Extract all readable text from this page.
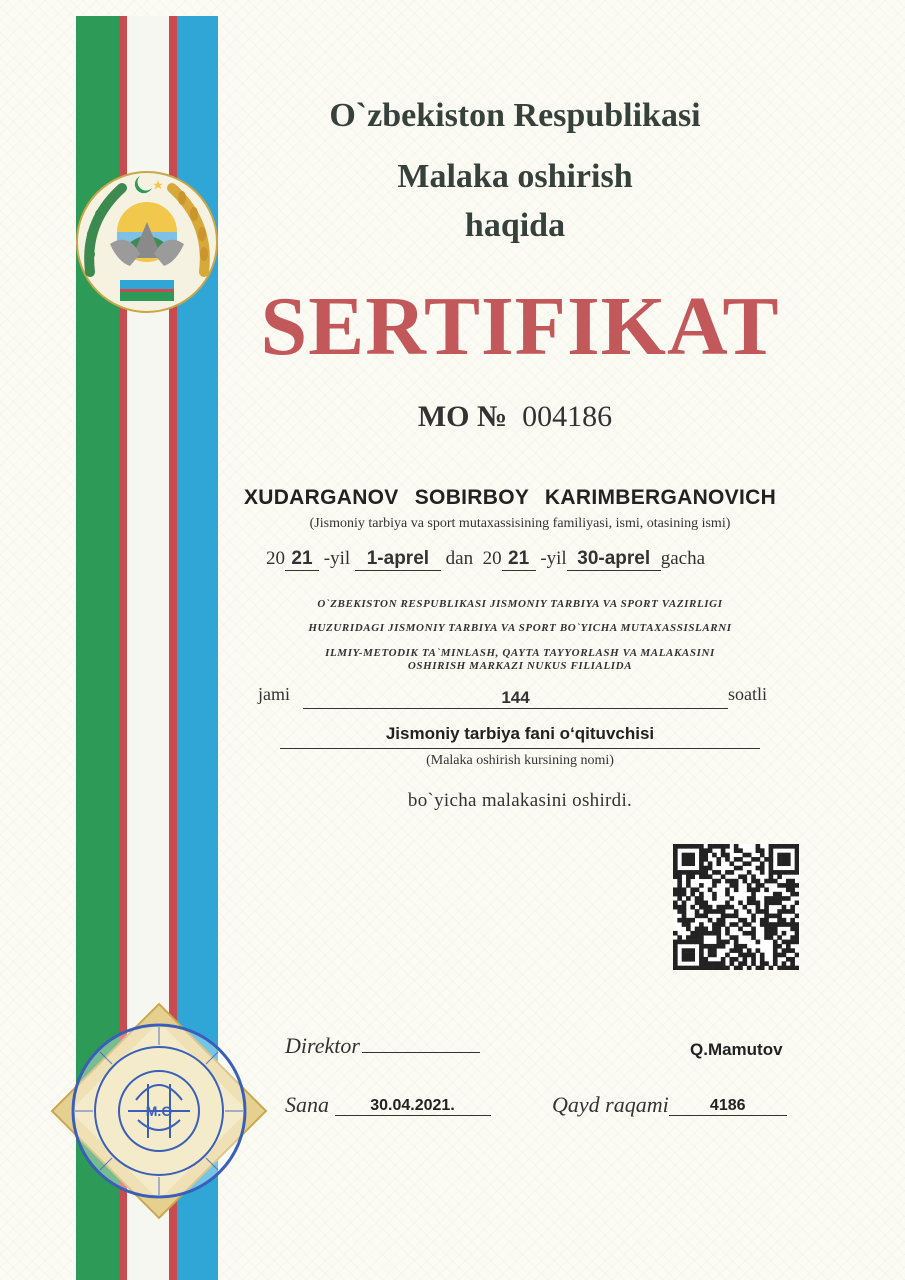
O`zbekiston Respublikasi
Malaka oshirish
haqida
SERTIFIKAT
MO № 004186
XUDARGANOV SOBIRBOY KARIMBERGANOVICH
(Jismoniy tarbiya va sport mutaxassisining familiyasi, ismi, otasining ismi)
20 21 -yil 1-aprel dan 20 21 -yil 30-aprel gacha
O`ZBEKISTON RESPUBLIKASI JISMONIY TARBIYA VA SPORT VAZIRLIGI
HUZURIDAGI JISMONIY TARBIYA VA SPORT BO`YICHA MUTAXASSISLARNI
ILMIY-METODIK TA`MINLASH, QAYTA TAYYORLASH VA MALAKASINI
OSHIRISH MARKAZI NUKUS FILIALIDA
jami	144	soatli
Jismoniy tarbiya fani o‘qituvchisi
(Malaka oshirish kursining nomi)
bo`yicha malakasini oshirdi.
M.O
Direktor	Q.Mamutov
Sana	30.04.2021.	Qayd raqami	4186
